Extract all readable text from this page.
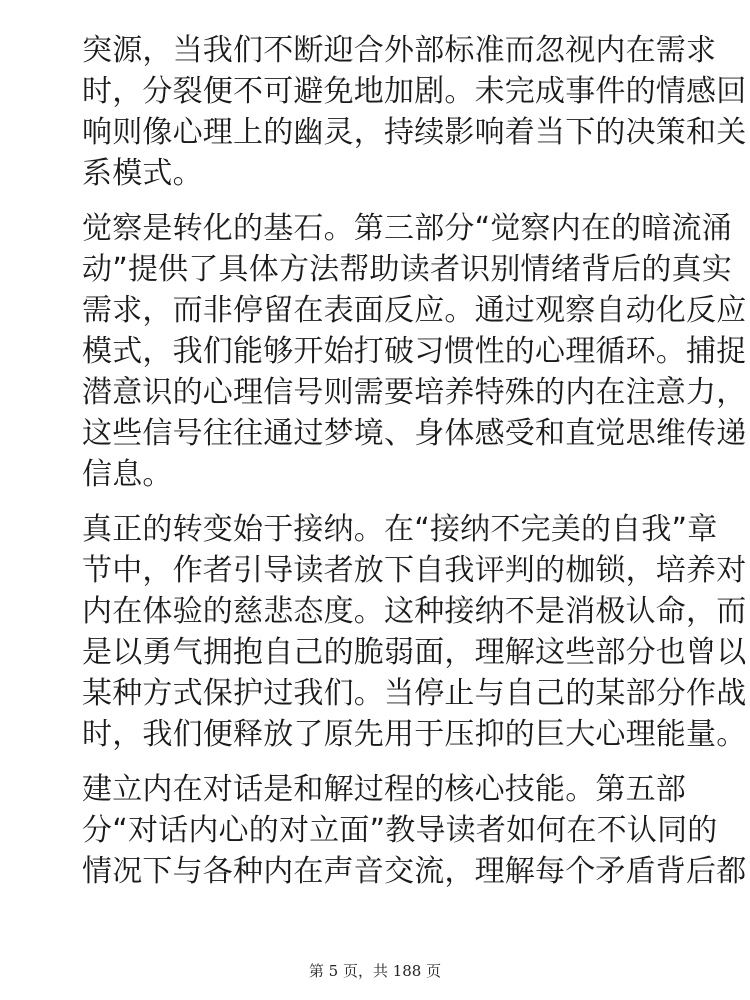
突源，当我们不断迎合外部标准而忽视内在需求
时，分裂便不可避免地加剧。未完成事件的情感回
响则像心理上的幽灵，持续影响着当下的决策和关
系模式。

觉察是转化的基石。第三部分“觉察内在的暗流涌
动”提供了具体方法帮助读者识别情绪背后的真实
需求，而非停留在表面反应。通过观察自动化反应
模式，我们能够开始打破习惯性的心理循环。捕捉
潜意识的心理信号则需要培养特殊的内在注意力，
这些信号往往通过梦境、身体感受和直觉思维传递
信息。

真正的转变始于接纳。在“接纳不完美的自我”章
节中，作者引导读者放下自我评判的枷锁，培养对
内在体验的慈悲态度。这种接纳不是消极认命，而
是以勇气拥抱自己的脆弱面，理解这些部分也曾以
某种方式保护过我们。当停止与自己的某部分作战
时，我们便释放了原先用于压抑的巨大心理能量。

建立内在对话是和解过程的核心技能。第五部
分“对话内心的对立面”教导读者如何在不认同的
情况下与各种内在声音交流，理解每个矛盾背后都

第 5 页，共 188 页
